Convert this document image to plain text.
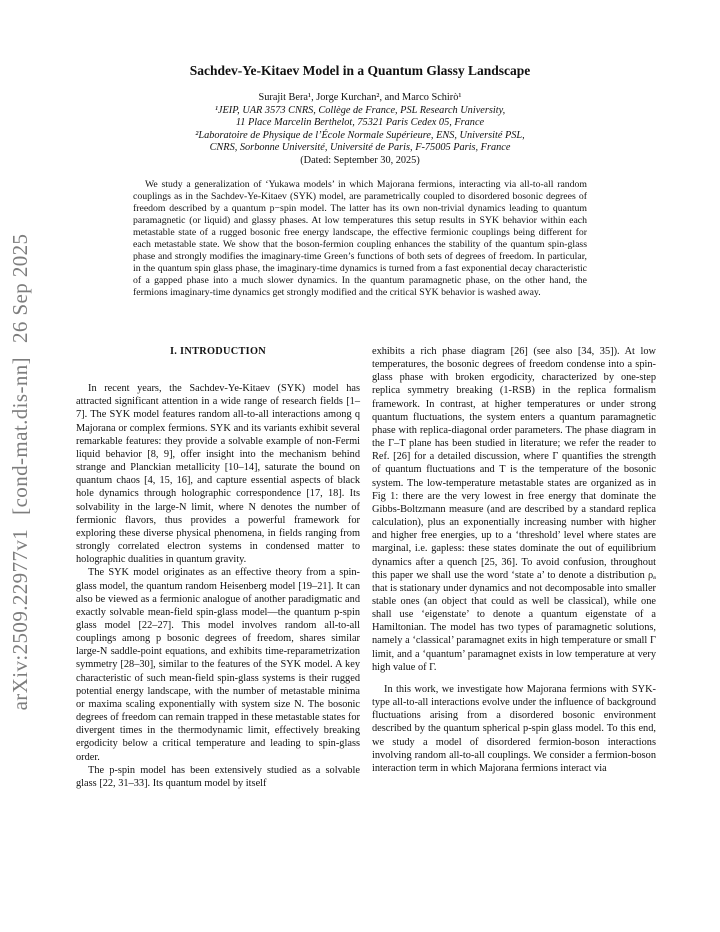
arXiv:2509.22977v1
[cond-mat.dis-nn]
26 Sep 2025
Sachdev-Ye-Kitaev Model in a Quantum Glassy Landscape
Surajit Bera¹, Jorge Kurchan², and Marco Schirò¹
¹JEIP, UAR 3573 CNRS, Collège de France, PSL Research University,
11 Place Marcelin Berthelot, 75321 Paris Cedex 05, France
²Laboratoire de Physique de l’École Normale Supérieure, ENS, Université PSL,
CNRS, Sorbonne Université, Université de Paris, F-75005 Paris, France
(Dated: September 30, 2025)
We study a generalization of ‘Yukawa models’ in which Majorana fermions, interacting via all-to-all random couplings as in the Sachdev-Ye-Kitaev (SYK) model, are parametrically coupled to disordered bosonic degrees of freedom described by a quantum p−spin model. The latter has its own non-trivial dynamics leading to quantum paramagnetic (or liquid) and glassy phases. At low temperatures this setup results in SYK behavior within each metastable state of a rugged bosonic free energy landscape, the effective fermionic couplings being different for each metastable state. We show that the boson-fermion coupling enhances the stability of the quantum spin-glass phase and strongly modifies the imaginary-time Green’s functions of both sets of degrees of freedom. In particular, in the quantum spin glass phase, the imaginary-time dynamics is turned from a fast exponential decay characteristic of a gapped phase into a much slower dynamics. In the quantum paramagnetic phase, on the other hand, the fermions imaginary-time dynamics get strongly modified and the critical SYK behavior is washed away.
I. INTRODUCTION

In recent years, the Sachdev-Ye-Kitaev (SYK) model has attracted significant attention in a wide range of research fields [1–7]. The SYK model features random all-to-all interactions among q Majorana or complex fermions. SYK and its variants exhibit several remarkable features: they provide a solvable example of non-Fermi liquid behavior [8, 9], offer insight into the mechanism behind strange and Planckian metallicity [10–14], saturate the bound on quantum chaos [4, 15, 16], and capture essential aspects of black hole dynamics through holographic correspondence [17, 18]. Its solvability in the large-N limit, where N denotes the number of fermionic flavors, thus provides a powerful framework for exploring these diverse physical phenomena, in fields ranging from strongly correlated electron systems in condensed matter to holographic dualities in quantum gravity.

The SYK model originates as an effective theory from a spin-glass model, the quantum random Heisenberg model [19–21]. It can also be viewed as a fermionic analogue of another paradigmatic and exactly solvable mean-field spin-glass model—the quantum p-spin glass model [22–27]. This model involves random all-to-all couplings among p bosonic degrees of freedom, shares similar large-N saddle-point equations, and exhibits time-reparametrization symmetry [28–30], similar to the features of the SYK model. A key characteristic of such mean-field spin-glass systems is their rugged potential energy landscape, with the number of metastable minima or maxima scaling exponentially with system size N. The bosonic degrees of freedom can remain trapped in these metastable states for divergent times in the thermodynamic limit, effectively breaking ergodicity below a critical temperature and leading to spin-glass order.

The p-spin model has been extensively studied as a solvable glass [22, 31–33]. Its quantum model by itself

exhibits a rich phase diagram [26] (see also [34, 35]). At low temperatures, the bosonic degrees of freedom condense into a spin-glass phase with broken ergodicity, characterized by one-step replica symmetry breaking (1-RSB) in the replica formalism framework. In contrast, at higher temperatures or under strong quantum fluctuations, the system enters a quantum paramagnetic phase with replica-diagonal order parameters. The phase diagram in the Γ–T plane has been studied in literature; we refer the reader to Ref. [26] for a detailed discussion, where Γ quantifies the strength of quantum fluctuations and T is the temperature of the bosonic system. The low-temperature metastable states are organized as in Fig 1: there are the very lowest in free energy that dominate the Gibbs-Boltzmann measure (and are described by a standard replica calculation), plus an exponentially increasing number with higher and higher free energies, up to a ‘threshold’ level where states are marginal, i.e. gapless: these states dominate the out of equilibrium dynamics after a quench [25, 36]. To avoid confusion, throughout this paper we shall use the word ‘state a’ to denote a distribution ρₐ that is stationary under dynamics and not decomposable into smaller stable ones (an object that could as well be classical), while one shall use ‘eigenstate’ to denote a quantum eigenstate of a Hamiltonian. The model has two types of paramagnetic solutions, namely a ‘classical’ paramagnet exits in high temperature or small Γ limit, and a ‘quantum’ paramagnet exists in low temperature at very high value of Γ.

In this work, we investigate how Majorana fermions with SYK-type all-to-all interactions evolve under the influence of background fluctuations arising from a disordered bosonic environment described by the quantum spherical p-spin glass model. To this end, we study a model of disordered fermion-boson interactions involving random all-to-all couplings. We consider a fermion-boson interaction term in which Majorana fermions interact via
